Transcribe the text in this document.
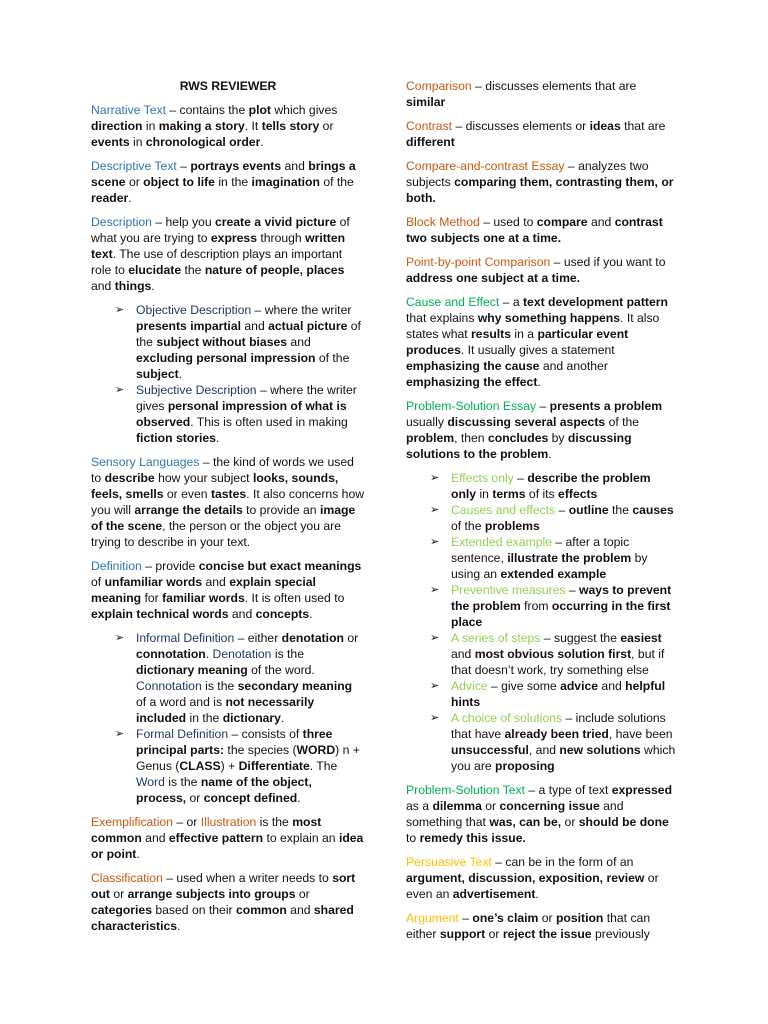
RWS REVIEWER

Narrative Text – contains the plot which gives direction in making a story. It tells story or events in chronological order.

Descriptive Text – portrays events and brings a scene or object to life in the imagination of the reader.

Description – help you create a vivid picture of what you are trying to express through written text. The use of description plays an important role to elucidate the nature of people, places and things.

➢ Objective Description – where the writer presents impartial and actual picture of the subject without biases and excluding personal impression of the subject.
➢ Subjective Description – where the writer gives personal impression of what is observed. This is often used in making fiction stories.

Sensory Languages – the kind of words we used to describe how your subject looks, sounds, feels, smells or even tastes. It also concerns how you will arrange the details to provide an image of the scene, the person or the object you are trying to describe in your text.

Definition – provide concise but exact meanings of unfamiliar words and explain special meaning for familiar words. It is often used to explain technical words and concepts.

➢ Informal Definition – either denotation or connotation. Denotation is the dictionary meaning of the word. Connotation is the secondary meaning of a word and is not necessarily included in the dictionary.
➢ Formal Definition – consists of three principal parts: the species (WORD) n + Genus (CLASS) + Differentiate. The Word is the name of the object, process, or concept defined.

Exemplification – or Illustration is the most common and effective pattern to explain an idea or point.

Classification – used when a writer needs to sort out or arrange subjects into groups or categories based on their common and shared characteristics.

Comparison – discusses elements that are similar

Contrast – discusses elements or ideas that are different

Compare-and-contrast Essay – analyzes two subjects comparing them, contrasting them, or both.

Block Method – used to compare and contrast two subjects one at a time.

Point-by-point Comparison – used if you want to address one subject at a time.

Cause and Effect – a text development pattern that explains why something happens. It also states what results in a particular event produces. It usually gives a statement emphasizing the cause and another emphasizing the effect.

Problem-Solution Essay – presents a problem usually discussing several aspects of the problem, then concludes by discussing solutions to the problem.

➢ Effects only – describe the problem only in terms of its effects
➢ Causes and effects – outline the causes of the problems
➢ Extended example – after a topic sentence, illustrate the problem by using an extended example
➢ Preventive measures – ways to prevent the problem from occurring in the first place
➢ A series of steps – suggest the easiest and most obvious solution first, but if that doesn’t work, try something else
➢ Advice – give some advice and helpful hints
➢ A choice of solutions – include solutions that have already been tried, have been unsuccessful, and new solutions which you are proposing

Problem-Solution Text – a type of text expressed as a dilemma or concerning issue and something that was, can be, or should be done to remedy this issue.

Persuasive Text – can be in the form of an argument, discussion, exposition, review or even an advertisement.

Argument – one’s claim or position that can either support or reject the issue previously
